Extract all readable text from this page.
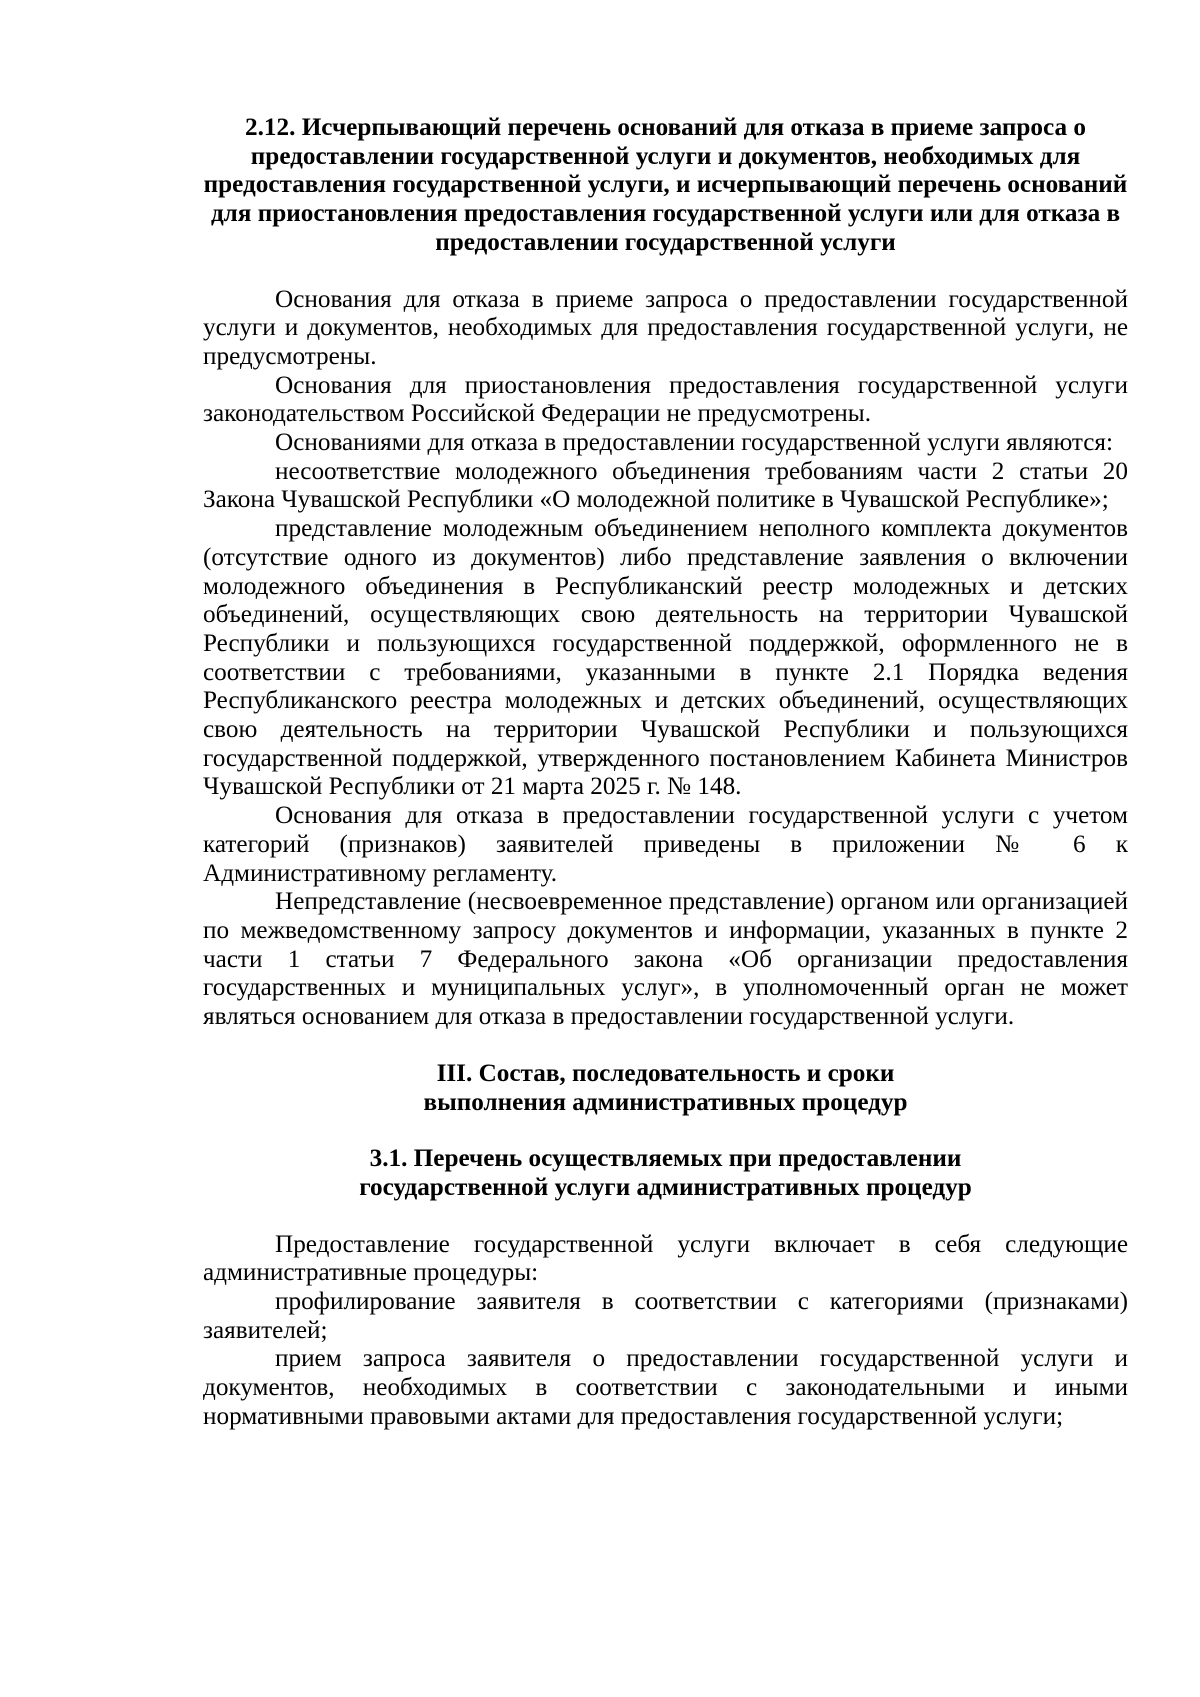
2.12. Исчерпывающий перечень оснований для отказа в приеме запроса о предоставлении государственной услуги и документов, необходимых для предоставления государственной услуги, и исчерпывающий перечень оснований для приостановления предоставления государственной услуги или для отказа в предоставлении государственной услуги

Основания для отказа в приеме запроса о предоставлении государственной услуги и документов, необходимых для предоставления государственной услуги, не предусмотрены.

Основания для приостановления предоставления государственной услуги законодательством Российской Федерации не предусмотрены.

Основаниями для отказа в предоставлении государственной услуги являются:

несоответствие молодежного объединения требованиям части 2 статьи 20 Закона Чувашской Республики «О молодежной политике в Чувашской Республике»;

представление молодежным объединением неполного комплекта документов (отсутствие одного из документов) либо представление заявления о включении молодежного объединения в Республиканский реестр молодежных и детских объединений, осуществляющих свою деятельность на территории Чувашской Республики и пользующихся государственной поддержкой, оформленного не в соответствии с требованиями, указанными в пункте 2.1 Порядка ведения Республиканского реестра молодежных и детских объединений, осуществляющих свою деятельность на территории Чувашской Республики и пользующихся государственной поддержкой, утвержденного постановлением Кабинета Министров Чувашской Республики от 21 марта 2025 г. № 148.

Основания для отказа в предоставлении государственной услуги с учетом категорий (признаков) заявителей приведены в приложении № 6 к Административному регламенту.

Непредставление (несвоевременное представление) органом или организацией по межведомственному запросу документов и информации, указанных в пункте 2 части 1 статьи 7 Федерального закона «Об организации предоставления государственных и муниципальных услуг», в уполномоченный орган не может являться основанием для отказа в предоставлении государственной услуги.

III. Состав, последовательность и сроки выполнения административных процедур

3.1. Перечень осуществляемых при предоставлении государственной услуги административных процедур

Предоставление государственной услуги включает в себя следующие административные процедуры:

профилирование заявителя в соответствии с категориями (признаками) заявителей;

прием запроса заявителя о предоставлении государственной услуги и документов, необходимых в соответствии с законодательными и иными нормативными правовыми актами для предоставления государственной услуги;
